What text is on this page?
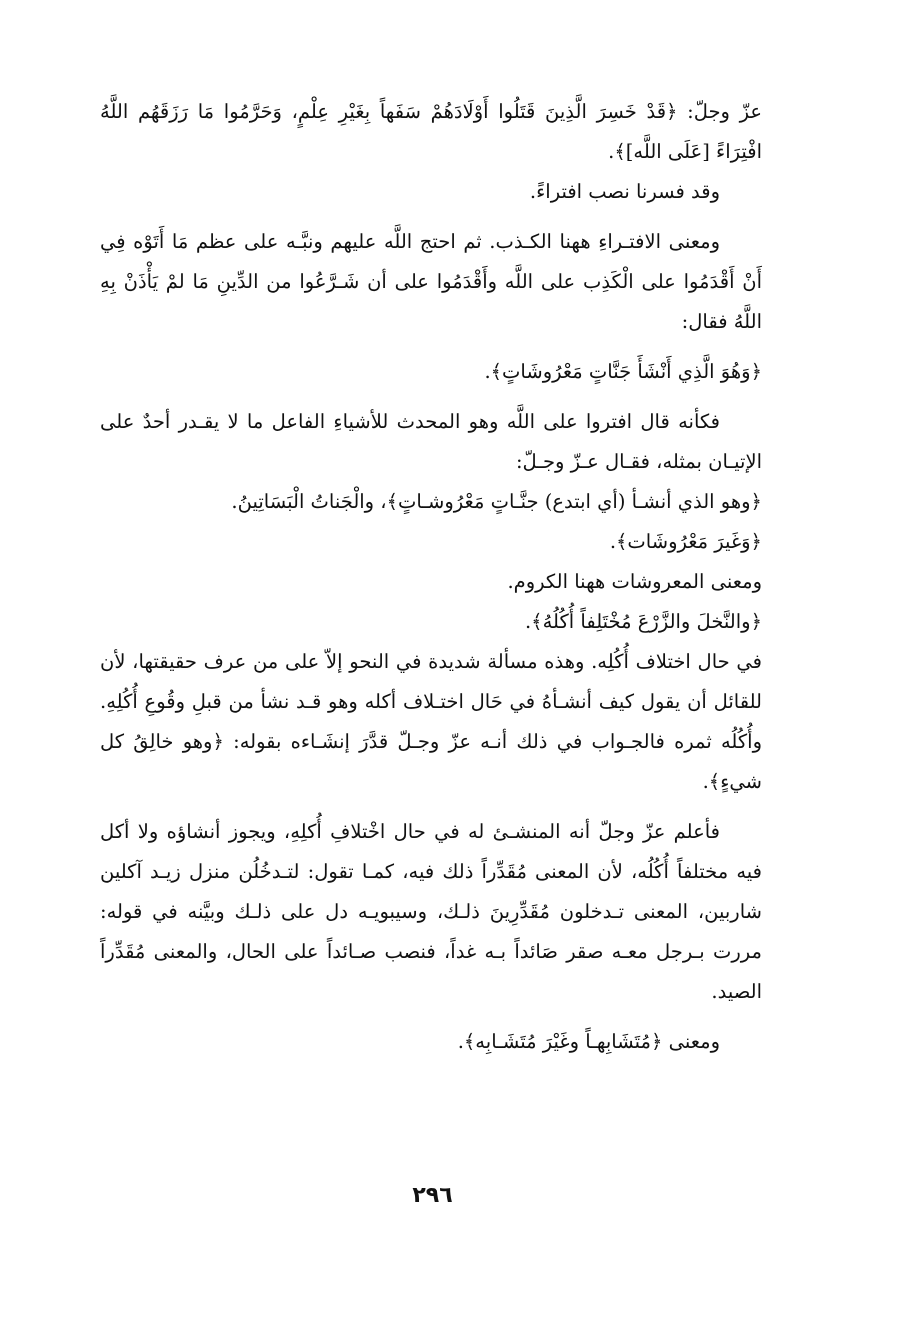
عزّ وجلّ: ﴿قَدْ خَسِرَ الَّذِينَ قَتَلُوا أَوْلَادَهُمْ سَفَهاً بِغَيْرِ عِلْمٍ، وَحَرَّمُوا مَا رَزَقَهُم اللَّهُ افْتِرَاءً [عَلَى اللَّه]﴾.

وقد فسرنا نصب افتراءً.

ومعنى الافتـراءِ ههنا الكـذب. ثم احتج اللَّه عليهم ونبَّـه على عظم مَا أَتَوْه فِي أَنْ أَقْدَمُوا على الْكَذِب على اللَّه وأَقْدَمُوا على أن شَـرَّعُوا من الدِّينِ مَا لمْ يَأْذَنْ بِهِ اللَّهُ فقال:

﴿وَهُوَ الَّذِي أَنْشَأَ جَنَّاتٍ مَعْرُوشَاتٍ﴾.

فكأنه قال افتروا على اللَّه وهو المحدث للأشياءِ الفاعل ما لا يقـدر أحدٌ على الإتيـان بمثله، فقـال عـزّ وجـلّ:

﴿وهو الذي أنشـأ (أي ابتدع) جنَّـاتٍ مَعْرُوشـاتٍ﴾، والْجَناتُ الْبَسَاتِينُ.

﴿وَغَيرَ مَعْرُوشَات﴾.

ومعنى المعروشات ههنا الكروم.

﴿والنَّخلَ والزَّرْعَ مُخْتَلِفاً أُكُلُهُ﴾.

في حال اختلاف أُكُلِه. وهذه مسألة شديدة في النحو إلاّ على من عرف حقيقتها، لأن للقائل أن يقول كيف أنشـأهُ في حَال اختـلاف أكله وهو قـد نشأ من قبلِ وقُوعِ أُكُلِهِ. وأُكُلُه ثمره فالجـواب في ذلك أنـه عزّ وجـلّ قدَّرَ إنشَـاءه بقوله: ﴿وهو خالِقُ كل شيءٍ﴾.

فأعلم عزّ وجلّ أنه المنشـئ له في حال اخْتلافِ أُكلِهِ، ويجوز أنشاؤه ولا أكل فيه مختلفاً أُكُلُه، لأن المعنى مُقَدِّراً ذلك فيه، كمـا تقول: لتـدخُلُن منزل زيـد آكلين شاربين، المعنى تـدخلون مُقَدِّرِينَ ذلـك، وسيبويـه دل على ذلـك وبيَّنه في قوله: مررت بـرجل معـه صقر صَائداً بـه غداً، فنصب صـائداً على الحال، والمعنى مُقَدِّراً الصيد.

ومعنى ﴿مُتَشَابِهـاً وغَيْرَ مُتَشَـابِه﴾.

٢٩٦
